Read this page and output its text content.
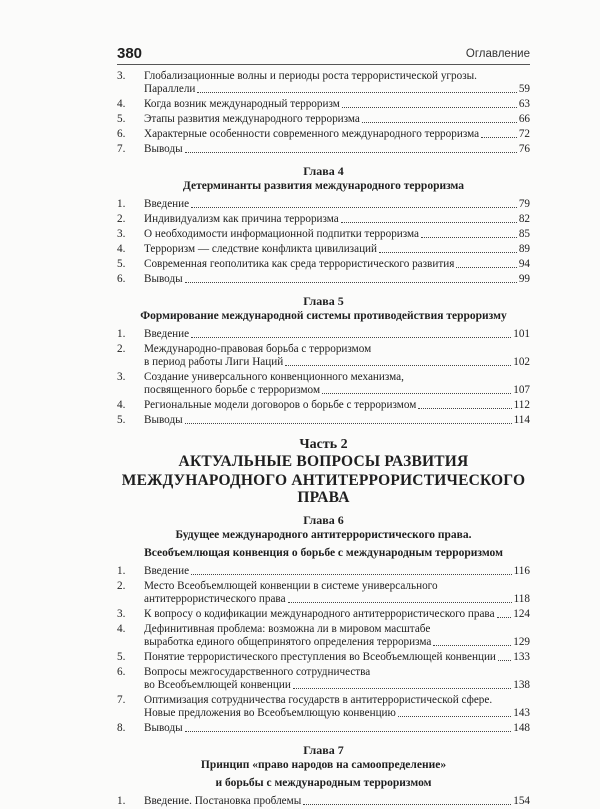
380	Оглавление
3.	Глобализационные волны и периоды роста террористической угрозы.
Параллели	59
4.	Когда возник международный терроризм	63
5.	Этапы развития международного терроризма	66
6.	Характерные особенности современного международного терроризма	72
7.	Выводы	76
Глава 4
Детерминанты развития международного терроризма
1.	Введение	79
2.	Индивидуализм как причина терроризма	82
3.	О необходимости информационной подпитки терроризма	85
4.	Терроризм — следствие конфликта цивилизаций	89
5.	Современная геополитика как среда террористического развития	94
6.	Выводы	99
Глава 5
Формирование международной системы противодействия терроризму
1.	Введение	101
2.	Международно-правовая борьба с терроризмом
в период работы Лиги Наций	102
3.	Создание универсального конвенционного механизма,
посвященного борьбе с терроризмом	107
4.	Региональные модели договоров о борьбе с терроризмом	112
5.	Выводы	114
Часть 2
АКТУАЛЬНЫЕ ВОПРОСЫ РАЗВИТИЯ
МЕЖДУНАРОДНОГО АНТИТЕРРОРИСТИЧЕСКОГО ПРАВА
Глава 6
Будущее международного антитеррористического права.
Всеобъемлющая конвенция о борьбе с международным терроризмом
1.	Введение	116
2.	Место Всеобъемлющей конвенции в системе универсального
антитеррористического права	118
3.	К вопросу о кодификации международного антитеррористического права 124
4.	Дефинитивная проблема: возможна ли в мировом масштабе
выработка единого общепринятого определения терроризма	129
5.	Понятие террористического преступления во Всеобъемлющей конвенции 133
6.	Вопросы межгосударственного сотрудничества
во Всеобъемлющей конвенции	138
7.	Оптимизация сотрудничества государств в антитеррористической сфере.
Новые предложения во Всеобъемлющую конвенцию	143
8.	Выводы	148
Глава 7
Принцип «право народов на самоопределение»
и борьбы с международным терроризмом
1.	Введение. Постановка проблемы	154
